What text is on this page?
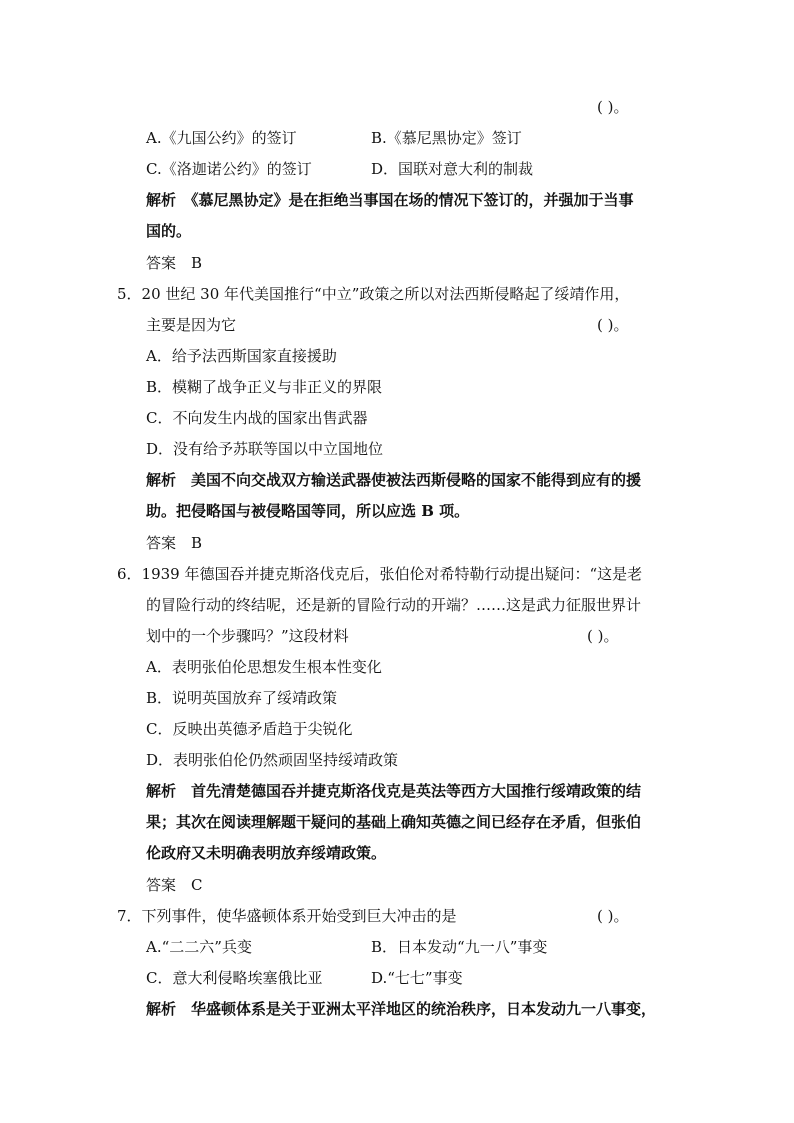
( )。
A.《九国公约》的签订	B.《慕尼黑协定》签订
C.《洛迦诺公约》的签订	D．国联对意大利的制裁
解析　《慕尼黑协定》是在拒绝当事国在场的情况下签订的，并强加于当事
国的。
答案　B
5．20 世纪 30 年代美国推行“中立”政策之所以对法西斯侵略起了绥靖作用，
主要是因为它	( )。
A．给予法西斯国家直接援助
B．模糊了战争正义与非正义的界限
C．不向发生内战的国家出售武器
D．没有给予苏联等国以中立国地位
解析　美国不向交战双方输送武器使被法西斯侵略的国家不能得到应有的援
助。把侵略国与被侵略国等同，所以应选 B 项。
答案　B
6．1939 年德国吞并捷克斯洛伐克后，张伯伦对希特勒行动提出疑问：“这是老
的冒险行动的终结呢，还是新的冒险行动的开端？……这是武力征服世界计
划中的一个步骤吗？”这段材料	( )。
A．表明张伯伦思想发生根本性变化
B．说明英国放弃了绥靖政策
C．反映出英德矛盾趋于尖锐化
D．表明张伯伦仍然顽固坚持绥靖政策
解析　首先清楚德国吞并捷克斯洛伐克是英法等西方大国推行绥靖政策的结
果；其次在阅读理解题干疑问的基础上确知英德之间已经存在矛盾，但张伯
伦政府又未明确表明放弃绥靖政策。
答案　C
7．下列事件，使华盛顿体系开始受到巨大冲击的是	( )。
A.“二二六”兵变	B．日本发动“九一八”事变
C．意大利侵略埃塞俄比亚	D.“七七”事变
解析　华盛顿体系是关于亚洲太平洋地区的统治秩序，日本发动九一八事变，
